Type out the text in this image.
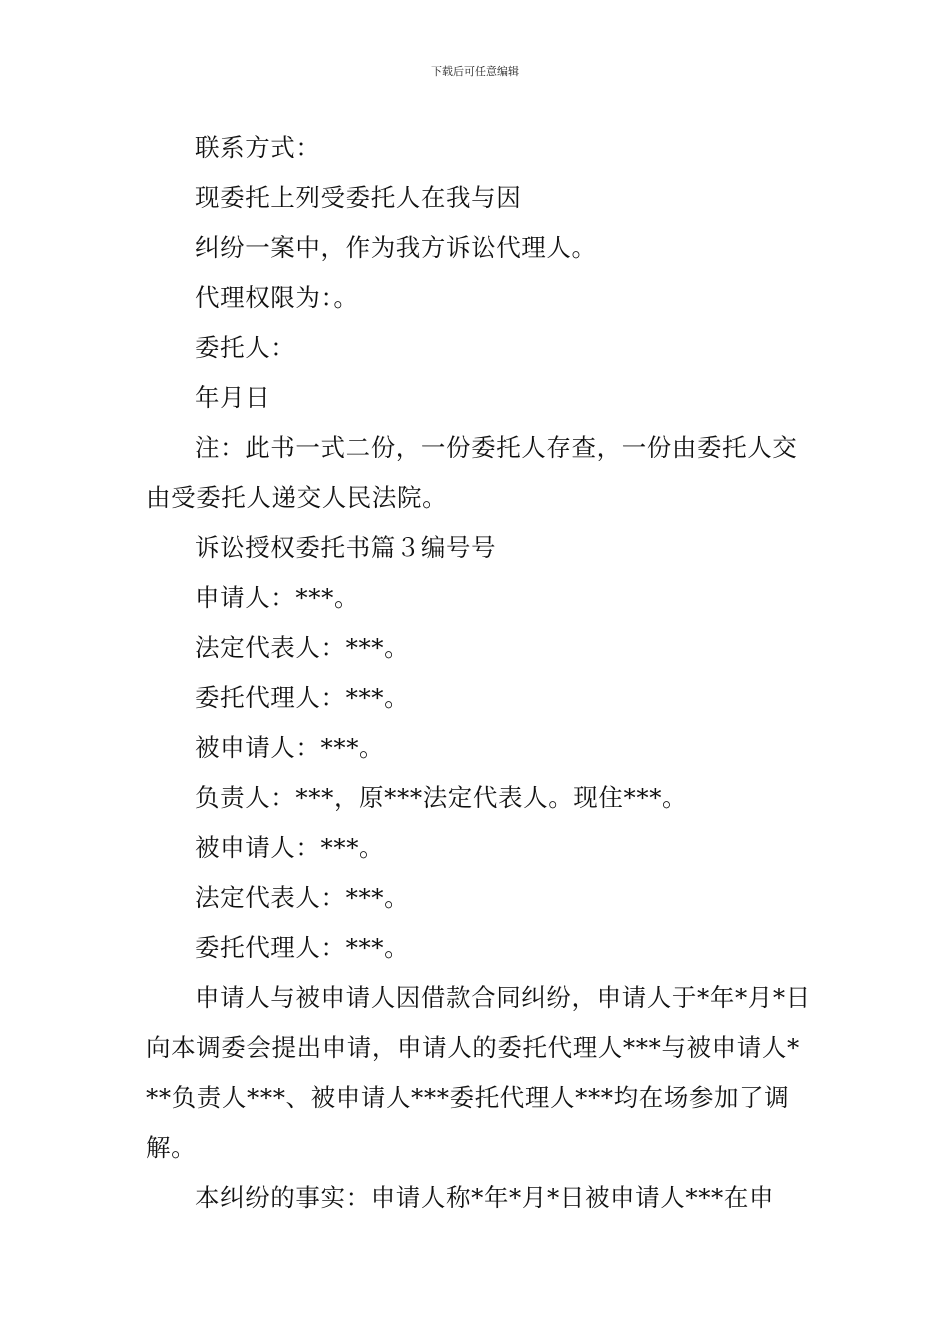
下载后可任意编辑

联系方式：

现委托上列受委托人在我与因

纠纷一案中，作为我方诉讼代理人。

代理权限为：。

委托人：

年月日

注：此书一式二份，一份委托人存查，一份由委托人交由受委托人递交人民法院。

诉讼授权委托书篇３编号号

申请人：***。

法定代表人：***。

委托代理人：***。

被申请人：***。

负责人：***，原***法定代表人。现住***。

被申请人：***。

法定代表人：***。

委托代理人：***。

申请人与被申请人因借款合同纠纷，申请人于*年*月*日向本调委会提出申请，申请人的委托代理人***与被申请人***负责人***、被申请人***委托代理人***均在场参加了调解。

本纠纷的事实：申请人称*年*月*日被申请人***在申
